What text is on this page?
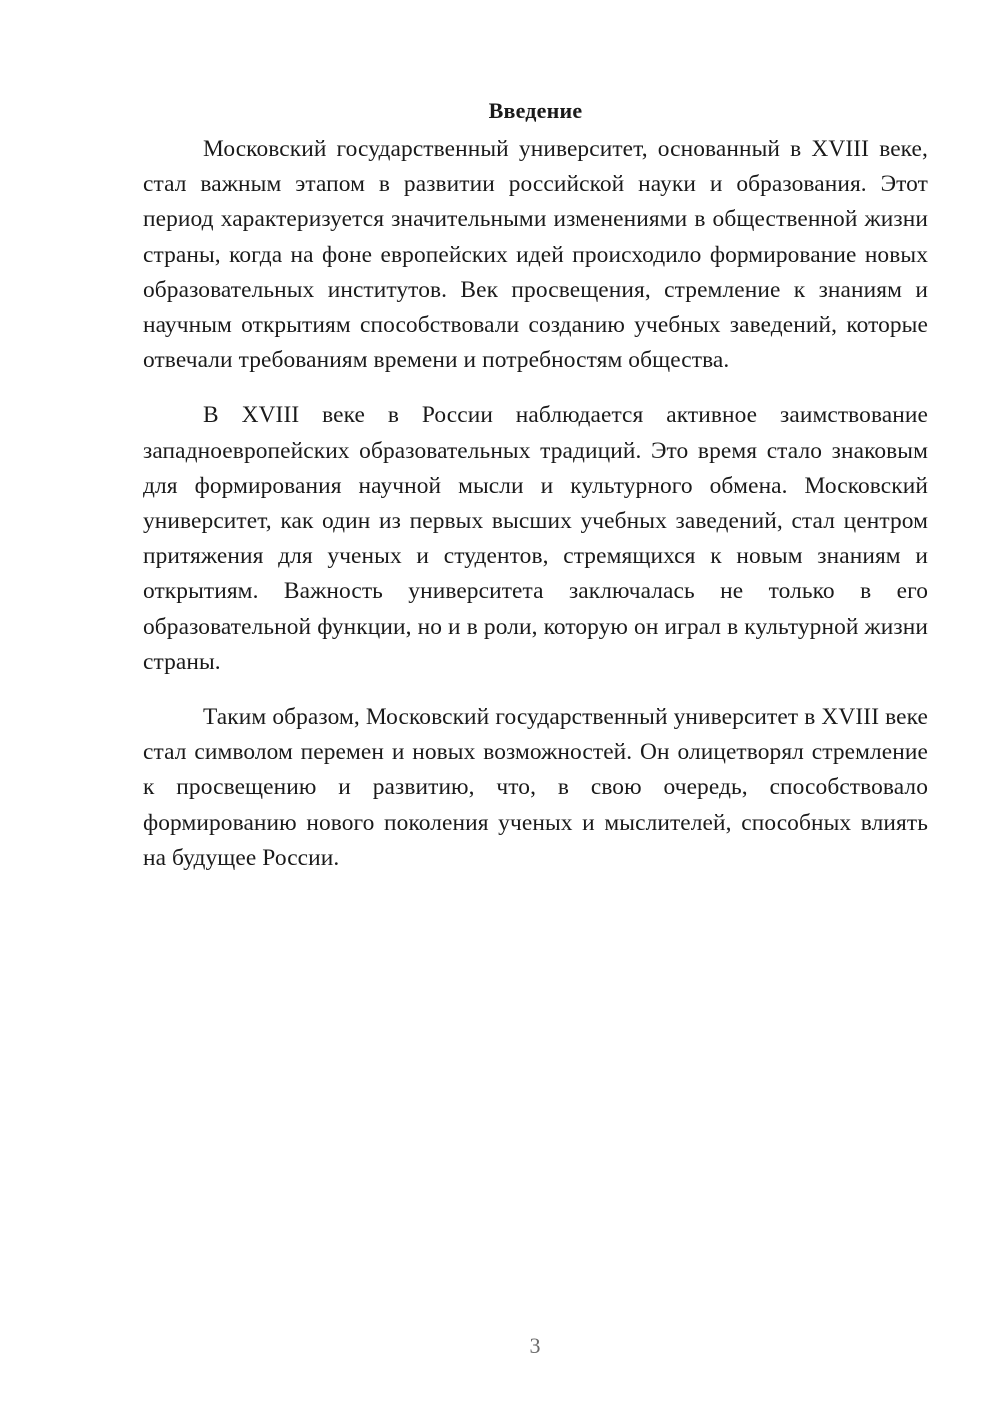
Введение

Московский государственный университет, основанный в XVIII веке, стал важным этапом в развитии российской науки и образования. Этот период характеризуется значительными изменениями в общественной жизни страны, когда на фоне европейских идей происходило формирование новых образовательных институтов. Век просвещения, стремление к знаниям и научным открытиям способствовали созданию учебных заведений, которые отвечали требованиям времени и потребностям общества.

В XVIII веке в России наблюдается активное заимствование западноевропейских образовательных традиций. Это время стало знаковым для формирования научной мысли и культурного обмена. Московский университет, как один из первых высших учебных заведений, стал центром притяжения для ученых и студентов, стремящихся к новым знаниям и открытиям. Важность университета заключалась не только в его образовательной функции, но и в роли, которую он играл в культурной жизни страны.

Таким образом, Московский государственный университет в XVIII веке стал символом перемен и новых возможностей. Он олицетворял стремление к просвещению и развитию, что, в свою очередь, способствовало формированию нового поколения ученых и мыслителей, способных влиять на будущее России.

3
